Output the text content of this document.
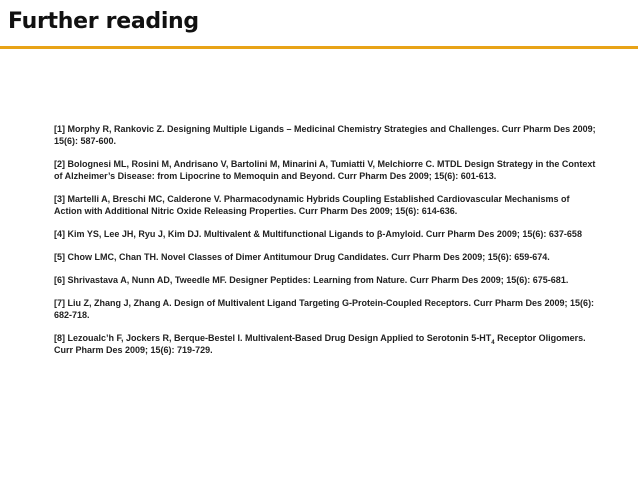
Further reading

[1] Morphy R, Rankovic Z. Designing Multiple Ligands – Medicinal Chemistry Strategies and Challenges. Curr Pharm Des 2009; 15(6): 587-600.

[2] Bolognesi ML, Rosini M, Andrisano V, Bartolini M, Minarini A, Tumiatti V, Melchiorre C. MTDL Design Strategy in the Context of Alzheimer’s Disease: from Lipocrine to Memoquin and Beyond. Curr Pharm Des 2009; 15(6): 601-613.

[3] Martelli A, Breschi MC, Calderone V. Pharmacodynamic Hybrids Coupling Established Cardiovascular Mechanisms of Action with Additional Nitric Oxide Releasing Properties. Curr Pharm Des 2009; 15(6): 614-636.

[4] Kim YS, Lee JH, Ryu J, Kim DJ. Multivalent & Multifunctional Ligands to β-Amyloid. Curr Pharm Des 2009; 15(6): 637-658

[5] Chow LMC, Chan TH. Novel Classes of Dimer Antitumour Drug Candidates. Curr Pharm Des 2009; 15(6): 659-674.

[6] Shrivastava A, Nunn AD, Tweedle MF. Designer Peptides: Learning from Nature. Curr Pharm Des 2009; 15(6): 675-681.

[7] Liu Z, Zhang J, Zhang A. Design of Multivalent Ligand Targeting G-Protein-Coupled Receptors. Curr Pharm Des 2009; 15(6): 682-718.

[8] Lezoualc’h F, Jockers R, Berque-Bestel I. Multivalent-Based Drug Design Applied to Serotonin $5-HT_4$ Receptor Oligomers. Curr Pharm Des 2009; 15(6): 719-729.
